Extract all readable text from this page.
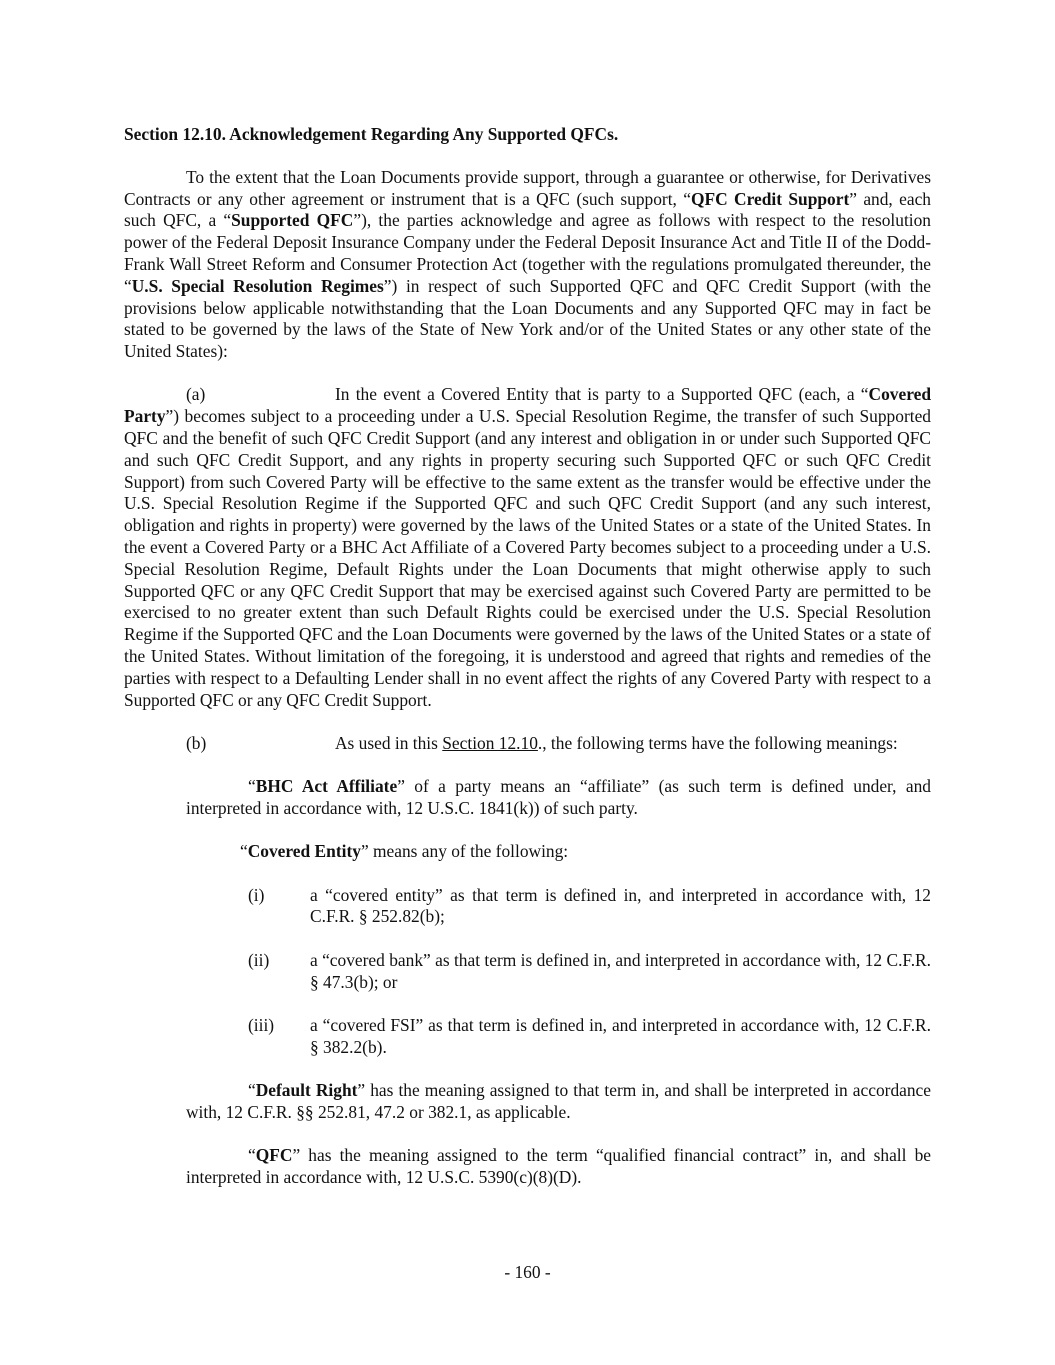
Section 12.10. Acknowledgement Regarding Any Supported QFCs.

To the extent that the Loan Documents provide support, through a guarantee or otherwise, for Derivatives Contracts or any other agreement or instrument that is a QFC (such support, “QFC Credit Support” and, each such QFC, a “Supported QFC”), the parties acknowledge and agree as follows with respect to the resolution power of the Federal Deposit Insurance Company under the Federal Deposit Insurance Act and Title II of the Dodd-Frank Wall Street Reform and Consumer Protection Act (together with the regulations promulgated thereunder, the “U.S. Special Resolution Regimes”) in respect of such Supported QFC and QFC Credit Support (with the provisions below applicable notwithstanding that the Loan Documents and any Supported QFC may in fact be stated to be governed by the laws of the State of New York and/or of the United States or any other state of the United States):

(a)	In the event a Covered Entity that is party to a Supported QFC (each, a “Covered Party”) becomes subject to a proceeding under a U.S. Special Resolution Regime, the transfer of such Supported QFC and the benefit of such QFC Credit Support (and any interest and obligation in or under such Supported QFC and such QFC Credit Support, and any rights in property securing such Supported QFC or such QFC Credit Support) from such Covered Party will be effective to the same extent as the transfer would be effective under the U.S. Special Resolution Regime if the Supported QFC and such QFC Credit Support (and any such interest, obligation and rights in property) were governed by the laws of the United States or a state of the United States. In the event a Covered Party or a BHC Act Affiliate of a Covered Party becomes subject to a proceeding under a U.S. Special Resolution Regime, Default Rights under the Loan Documents that might otherwise apply to such Supported QFC or any QFC Credit Support that may be exercised against such Covered Party are permitted to be exercised to no greater extent than such Default Rights could be exercised under the U.S. Special Resolution Regime if the Supported QFC and the Loan Documents were governed by the laws of the United States or a state of the United States. Without limitation of the foregoing, it is understood and agreed that rights and remedies of the parties with respect to a Defaulting Lender shall in no event affect the rights of any Covered Party with respect to a Supported QFC or any QFC Credit Support.

(b)	As used in this Section 12.10., the following terms have the following meanings:

“BHC Act Affiliate” of a party means an “affiliate” (as such term is defined under, and interpreted in accordance with, 12 U.S.C. 1841(k)) of such party.

“Covered Entity” means any of the following:

(i)	a “covered entity” as that term is defined in, and interpreted in accordance with, 12 C.F.R. § 252.82(b);
(ii)	a “covered bank” as that term is defined in, and interpreted in accordance with, 12 C.F.R. § 47.3(b); or
(iii)	a “covered FSI” as that term is defined in, and interpreted in accordance with, 12 C.F.R. § 382.2(b).

“Default Right” has the meaning assigned to that term in, and shall be interpreted in accordance with, 12 C.F.R. §§ 252.81, 47.2 or 382.1, as applicable.

“QFC” has the meaning assigned to the term “qualified financial contract” in, and shall be interpreted in accordance with, 12 U.S.C. 5390(c)(8)(D).

- 160 -
